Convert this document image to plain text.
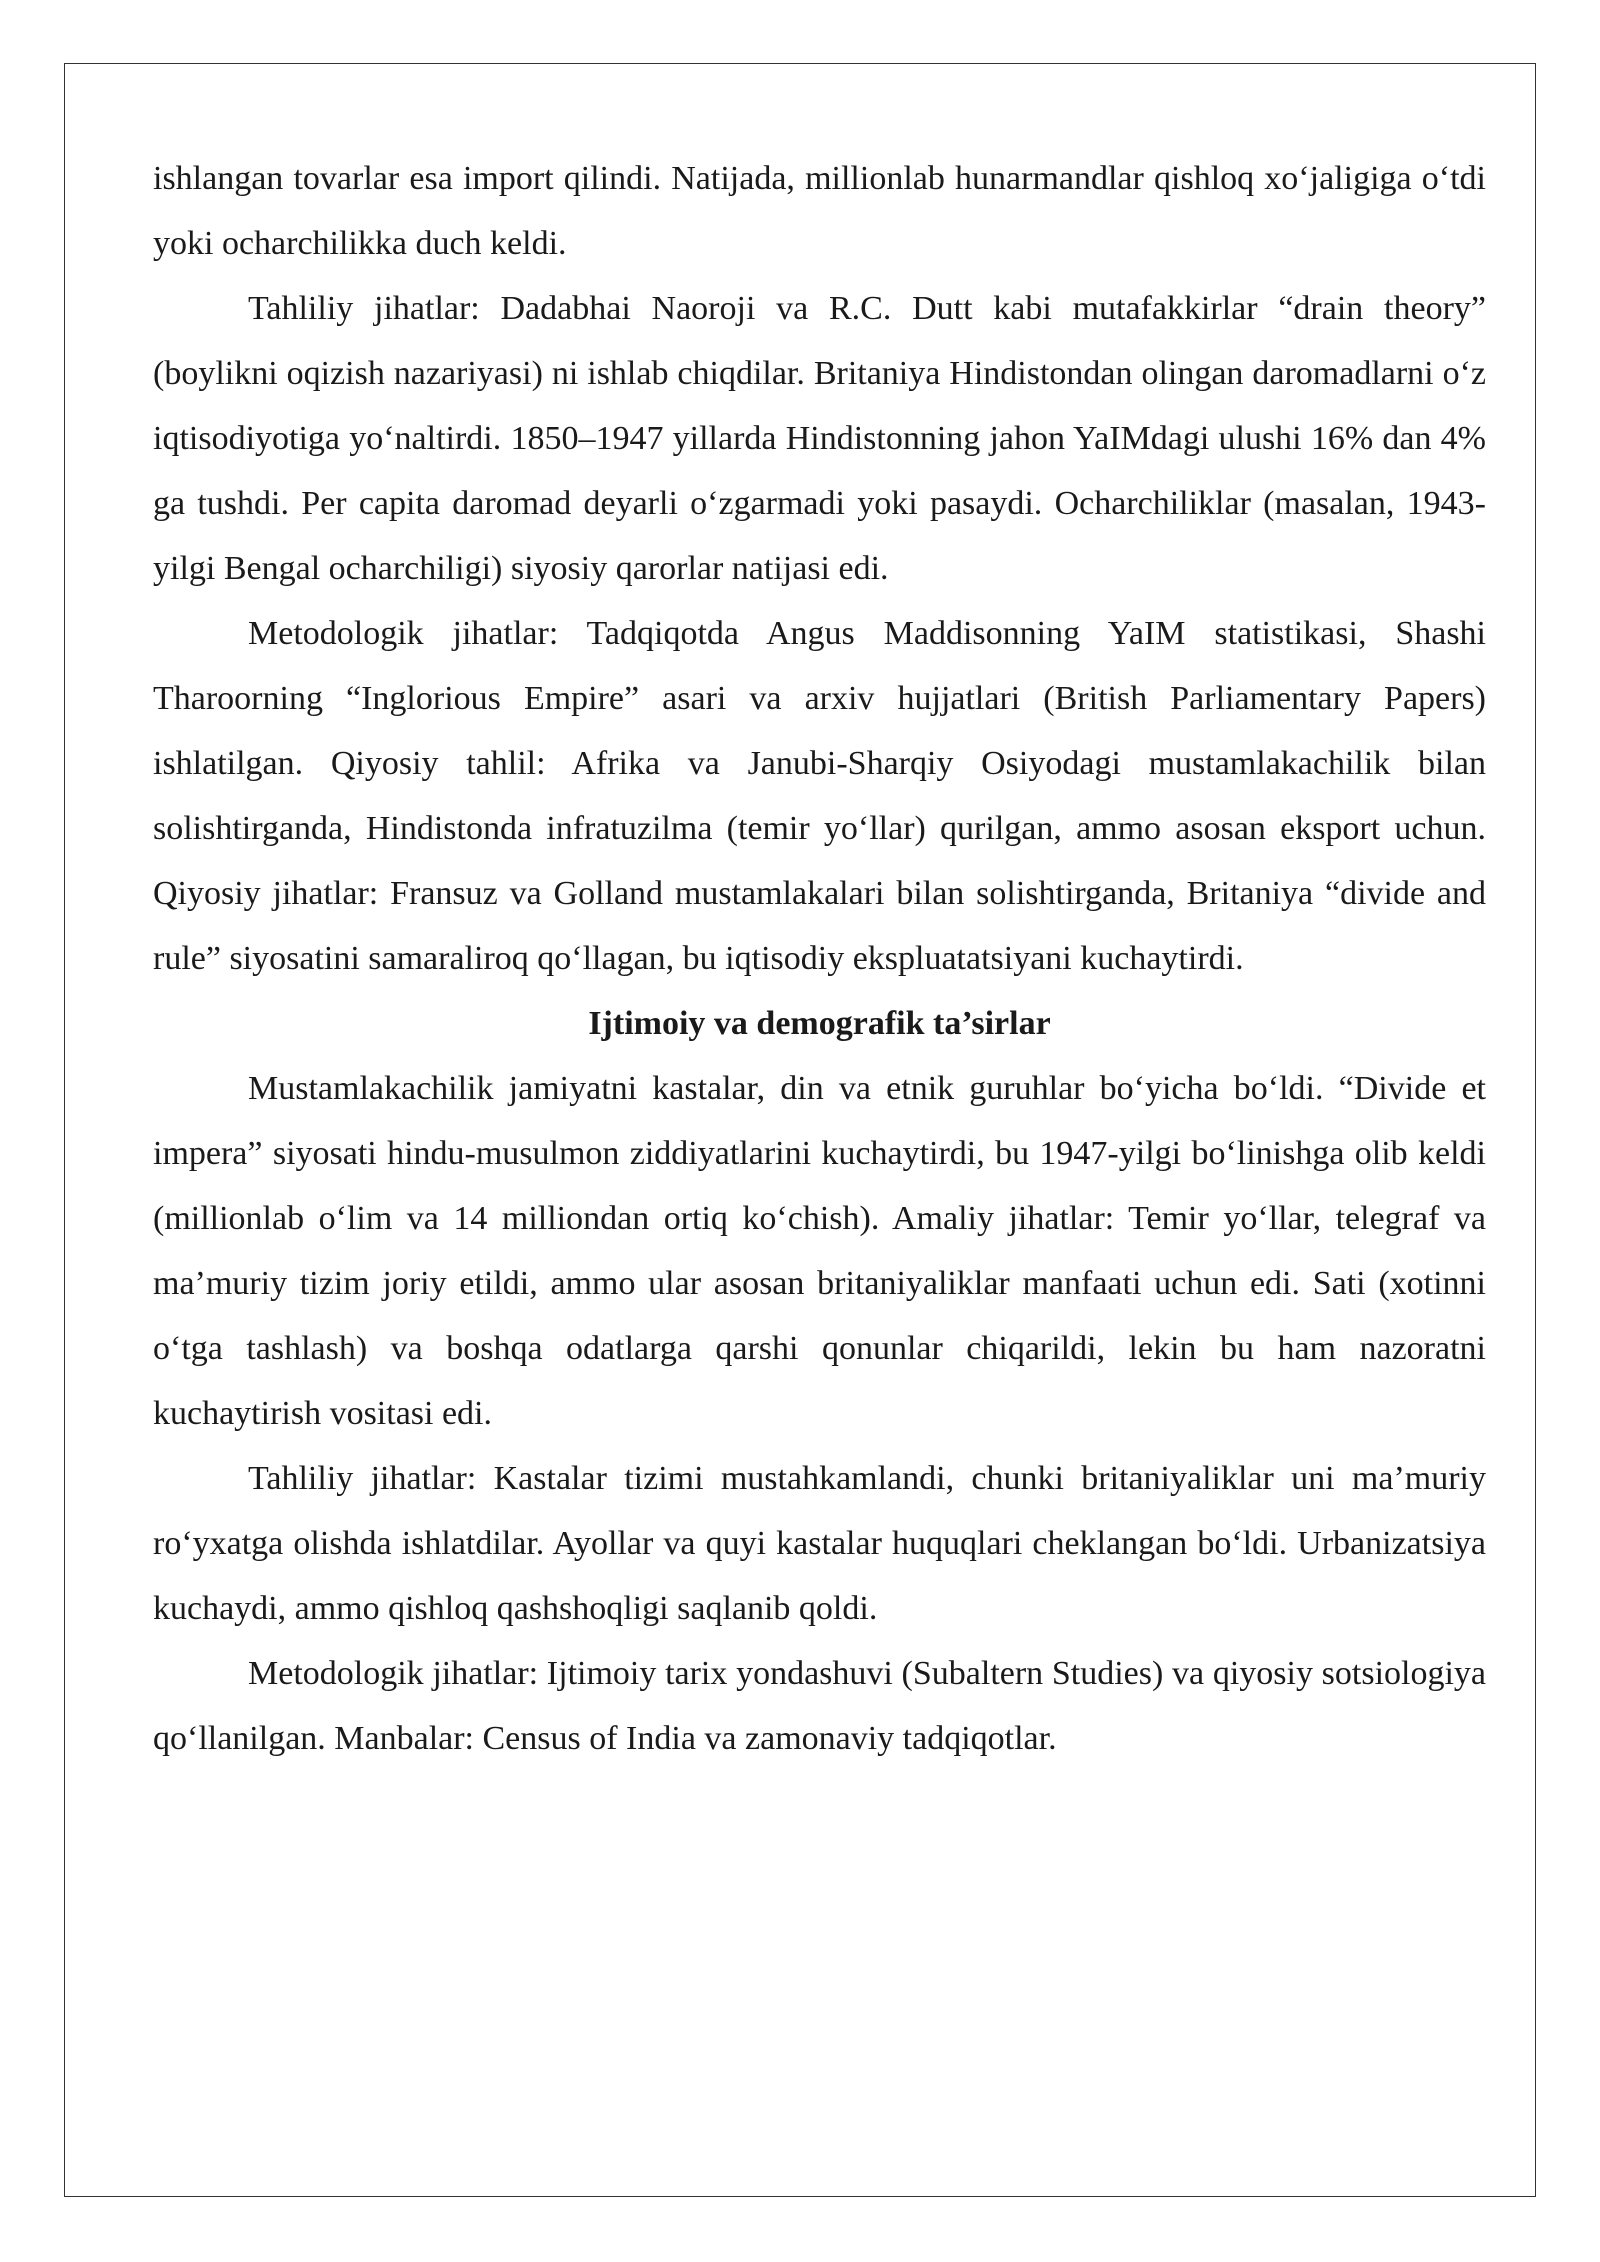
ishlangan tovarlar esa import qilindi. Natijada, millionlab hunarmandlar qishloq xo‘jaligiga o‘tdi yoki ocharchilikka duch keldi.

Tahliliy jihatlar: Dadabhai Naoroji va R.C. Dutt kabi mutafakkirlar “drain theory” (boylikni oqizish nazariyasi) ni ishlab chiqdilar. Britaniya Hindistondan olingan daromadlarni o‘z iqtisodiyotiga yo‘naltirdi. 1850–1947 yillarda Hindistonning jahon YaIMdagi ulushi 16% dan 4% ga tushdi. Per capita daromad deyarli o‘zgarmadi yoki pasaydi. Ocharchiliklar (masalan, 1943-yilgi Bengal ocharchiligi) siyosiy qarorlar natijasi edi.

Metodologik jihatlar: Tadqiqotda Angus Maddisonning YaIM statistikasi, Shashi Tharoorning “Inglorious Empire” asari va arxiv hujjatlari (British Parliamentary Papers) ishlatilgan. Qiyosiy tahlil: Afrika va Janubi-Sharqiy Osiyodagi mustamlakachilik bilan solishtirganda, Hindistonda infratuzilma (temir yo‘llar) qurilgan, ammo asosan eksport uchun. Qiyosiy jihatlar: Fransuz va Golland mustamlakalari bilan solishtirganda, Britaniya “divide and rule” siyosatini samaraliroq qo‘llagan, bu iqtisodiy ekspluatatsiyani kuchaytirdi.

Ijtimoiy va demografik ta’sirlar

Mustamlakachilik jamiyatni kastalar, din va etnik guruhlar bo‘yicha bo‘ldi. “Divide et impera” siyosati hindu-musulmon ziddiyatlarini kuchaytirdi, bu 1947-yilgi bo‘linishga olib keldi (millionlab o‘lim va 14 milliondan ortiq ko‘chish). Amaliy jihatlar: Temir yo‘llar, telegraf va ma’muriy tizim joriy etildi, ammo ular asosan britaniyaliklar manfaati uchun edi. Sati (xotinni o‘tga tashlash) va boshqa odatlarga qarshi qonunlar chiqarildi, lekin bu ham nazoratni kuchaytirish vositasi edi.

Tahliliy jihatlar: Kastalar tizimi mustahkamlandi, chunki britaniyaliklar uni ma’muriy ro‘yxatga olishda ishlatdilar. Ayollar va quyi kastalar huquqlari cheklangan bo‘ldi. Urbanizatsiya kuchaydi, ammo qishloq qashshoqligi saqlanib qoldi.

Metodologik jihatlar: Ijtimoiy tarix yondashuvi (Subaltern Studies) va qiyosiy sotsiologiya qo‘llanilgan. Manbalar: Census of India va zamonaviy tadqiqotlar.
